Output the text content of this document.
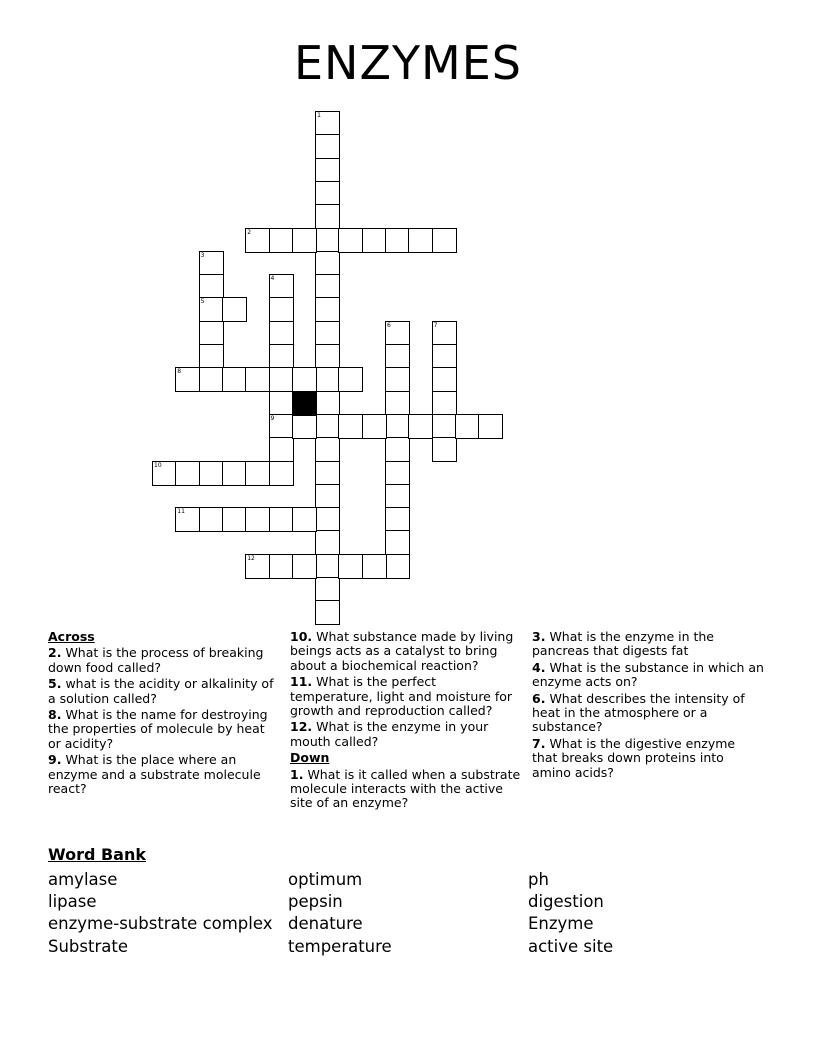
ENZYMES
1
2
3
5
4
9
6	7
8
10
11
12
Across
2. What is the process of breaking down food called?
5. what is the acidity or alkalinity of a solution called?
8. What is the name for destroying the properties of molecule by heat or acidity?
9. What is the place where an enzyme and a substrate molecule react?
10. What substance made by living beings acts as a catalyst to bring about a biochemical reaction?
11. What is the perfect temperature, light and moisture for growth and reproduction called?
12. What is the enzyme in your mouth called?
Down
1. What is it called when a substrate molecule interacts with the active site of an enzyme?
3. What is the enzyme in the pancreas that digests fat
4. What is the substance in which an enzyme acts on?
6. What describes the intensity of heat in the atmosphere or a substance?
7. What is the digestive enzyme that breaks down proteins into amino acids?
Word Bank
amylase
lipase
enzyme-substrate complex
Substrate
optimum
pepsin
denature
temperature
ph
digestion
Enzyme
active site
